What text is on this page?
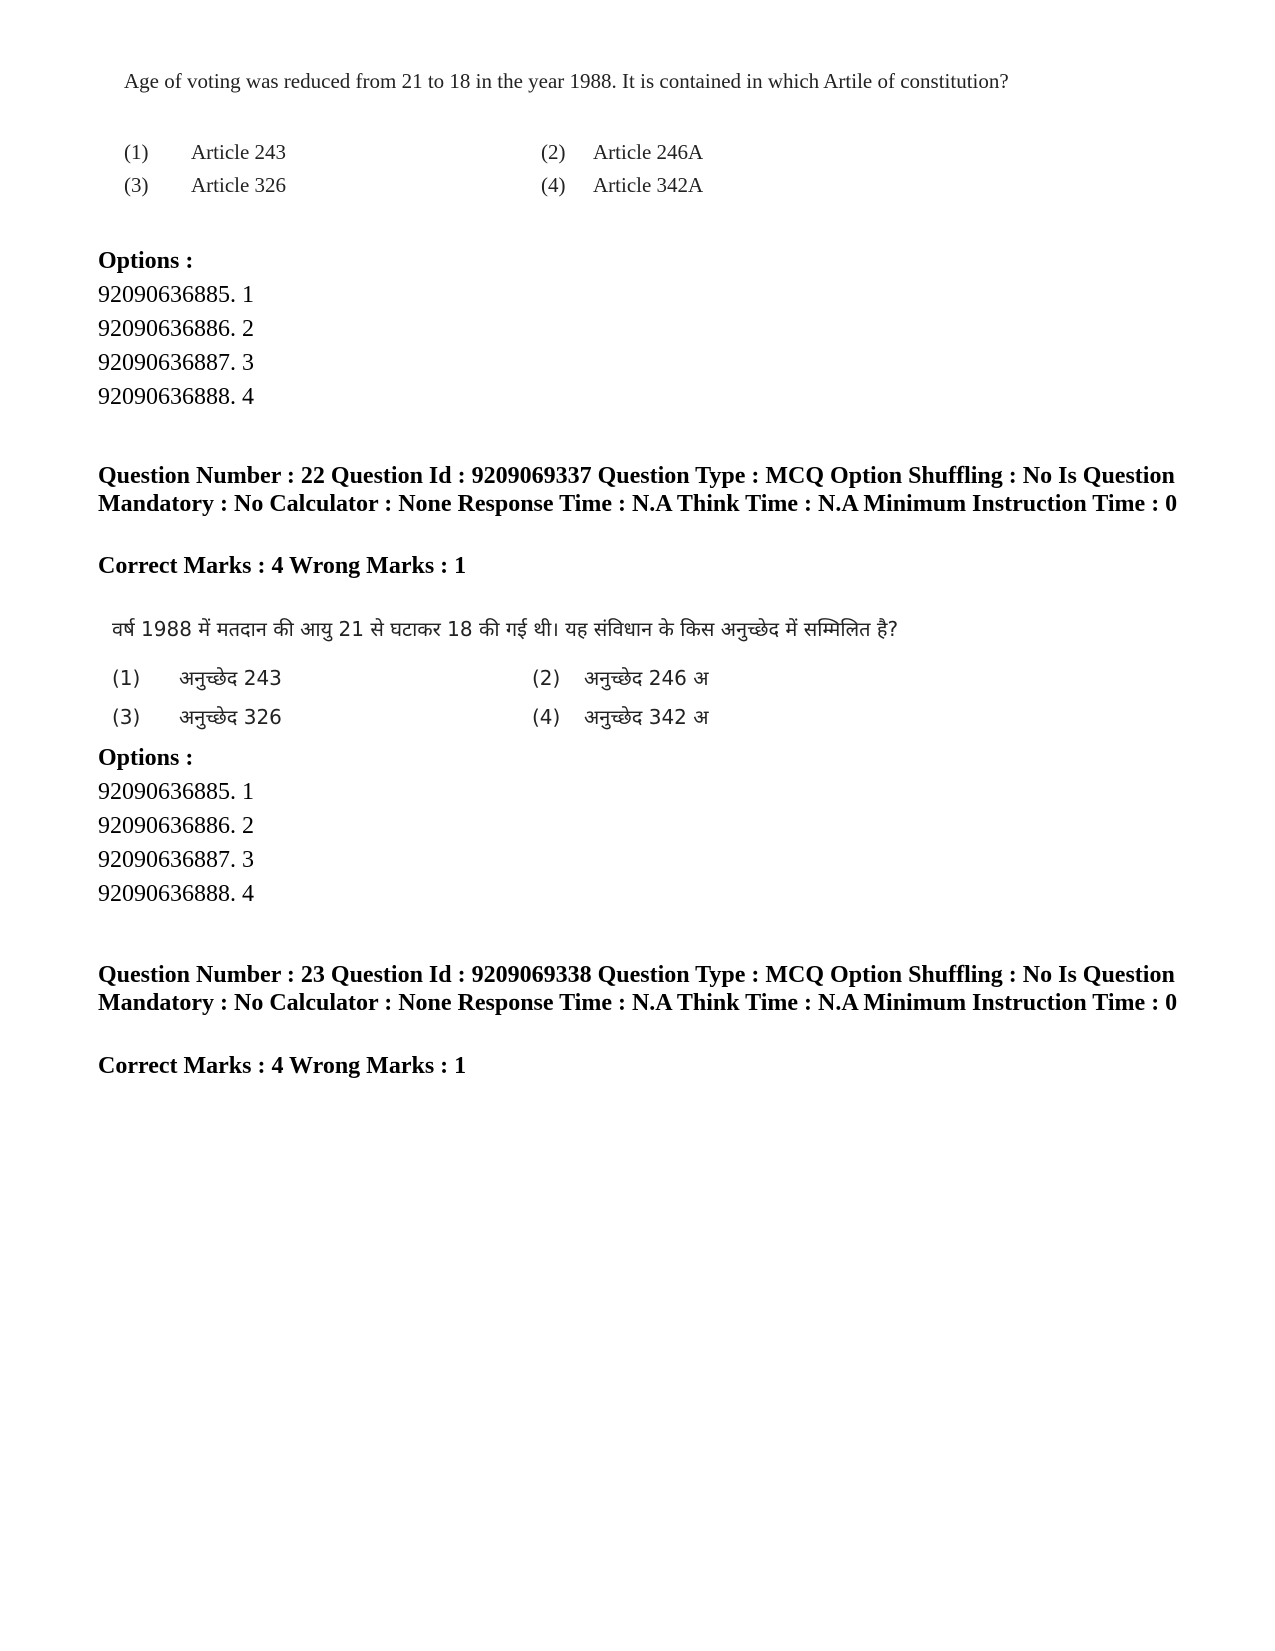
Age of voting was reduced from 21 to 18 in the year 1988. It is contained in which Artile of constitution?
(1) Article 243	(2) Article 246A
(3) Article 326	(4) Article 342A
Options :
92090636885. 1
92090636886. 2
92090636887. 3
92090636888. 4
Question Number : 22 Question Id : 9209069337 Question Type : MCQ Option Shuffling : No Is Question Mandatory : No Calculator : None Response Time : N.A Think Time : N.A Minimum Instruction Time : 0
Correct Marks : 4 Wrong Marks : 1
वर्ष 1988 में मतदान की आयु 21 से घटाकर 18 की गई थी। यह संविधान के किस अनुच्छेद में सम्मिलित है?
(1) अनुच्छेद 243	(2) अनुच्छेद 246 अ
(3) अनुच्छेद 326	(4) अनुच्छेद 342 अ
Options :
92090636885. 1
92090636886. 2
92090636887. 3
92090636888. 4
Question Number : 23 Question Id : 9209069338 Question Type : MCQ Option Shuffling : No Is Question Mandatory : No Calculator : None Response Time : N.A Think Time : N.A Minimum Instruction Time : 0
Correct Marks : 4 Wrong Marks : 1
